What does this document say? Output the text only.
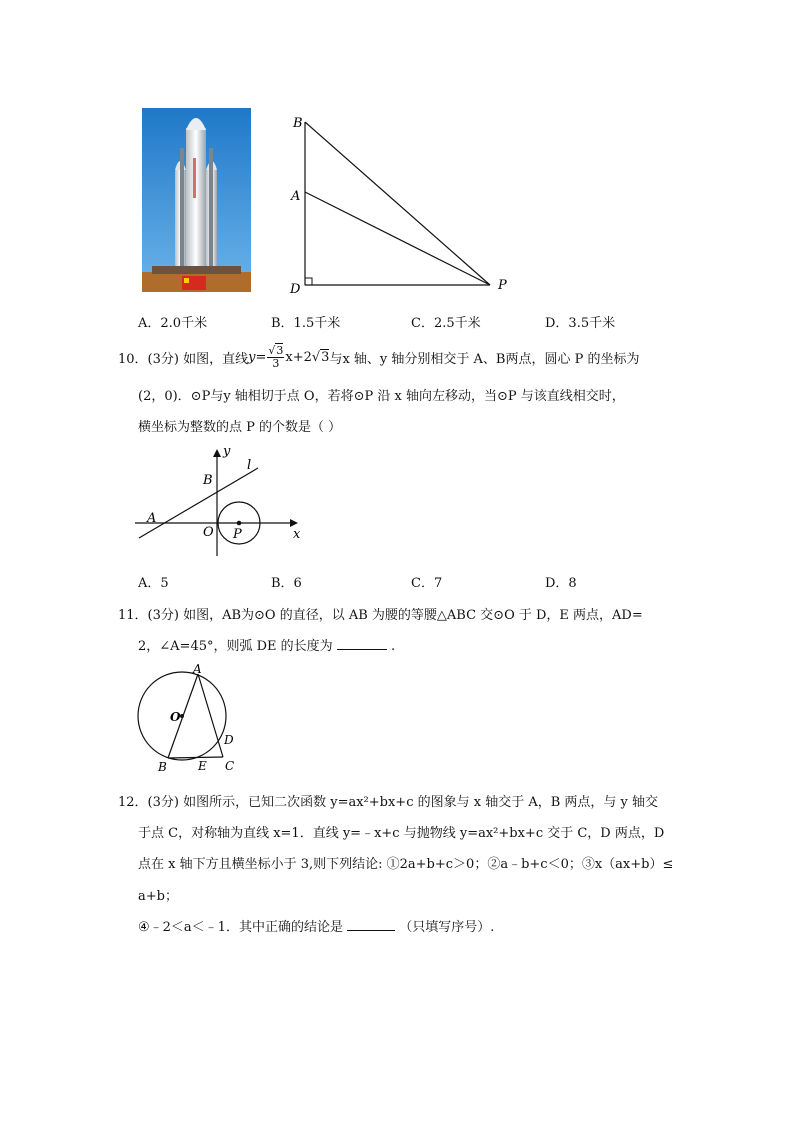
B
A
D	P
A．2.0千米	B．1.5千米	C．2.5千米	D．3.5千米
10．(3分) 如图，直线 $y= \frac{√3}{3} x+2$ √3 与x 轴、y 轴分别相交于 A、B两点，圆心 P 的坐标为
(2，0)．⊙P与y 轴相切于点 O，若将⊙P 沿 x 轴向左移动，当⊙P 与该直线相交时，
横坐标为整数的点 P 的个数是（ ）
y
l
B
A
O P	x
A．5	B．6	C．7	D．8
11．(3分) 如图，AB为⊙O 的直径，以 AB 为腰的等腰△ABC 交⊙O 于 D，E 两点，AD=
2，∠A=45°，则弧 DE 的长度为	.
A
O
D
B	E C
12．(3分) 如图所示，已知二次函数 y=ax²+bx+c 的图象与 x 轴交于 A，B 两点，与 y 轴交
于点 C，对称轴为直线 x=1．直线 y=﹣x+c 与抛物线 y=ax²+bx+c 交于 C，D 两点，D
点在 x 轴下方且横坐标小于 3,则下列结论: ①2a+b+c＞0；②a﹣b+c＜0；③x（ax+b）≤
a+b；
④﹣2＜a＜﹣1．其中正确的结论是	（只填写序号）.
